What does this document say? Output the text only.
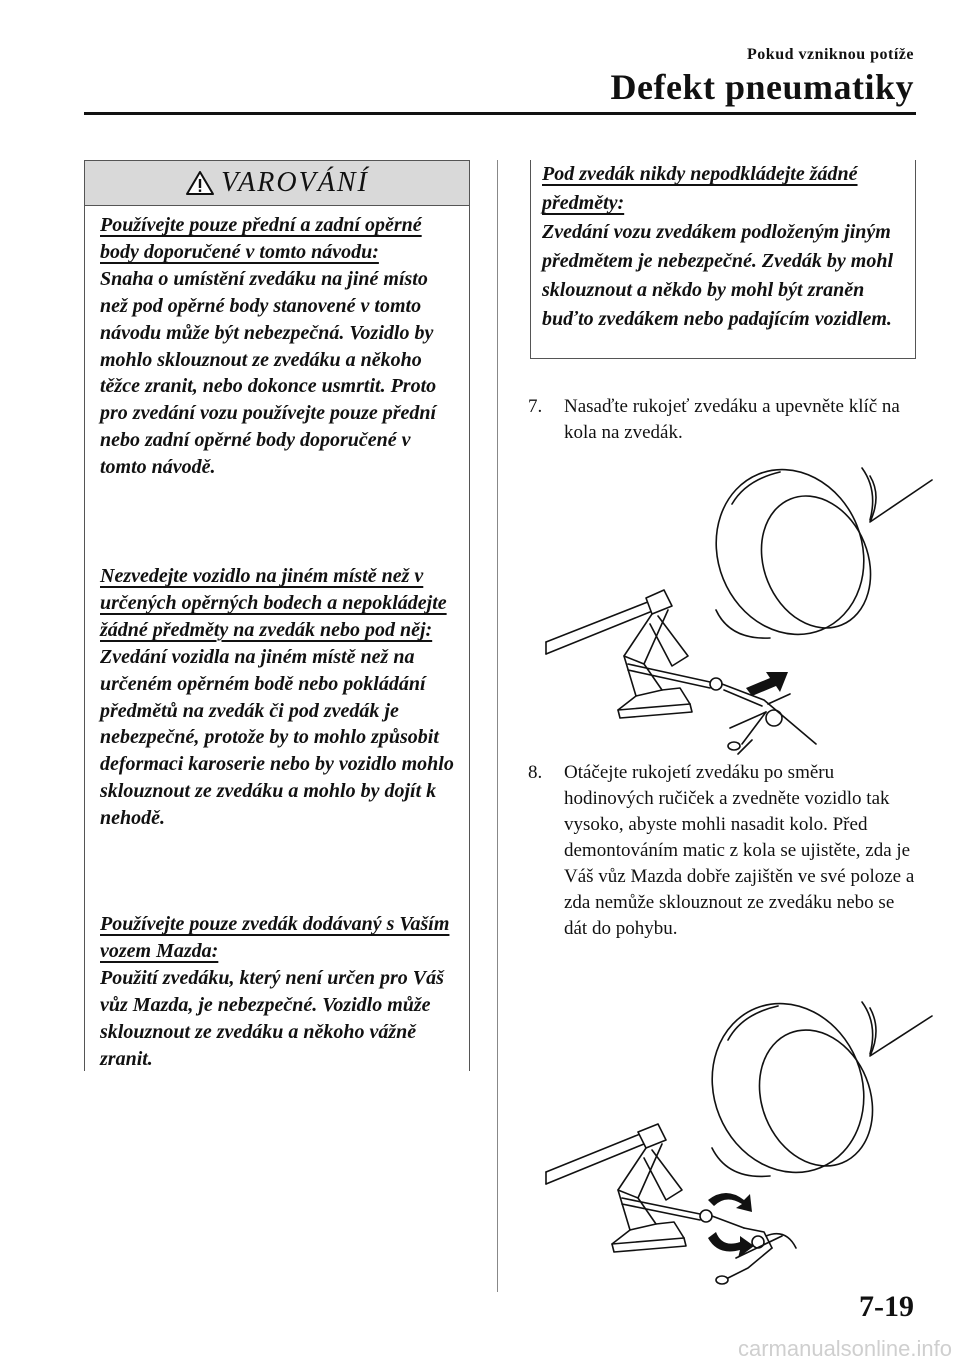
Pokud vzniknou potíže
Defekt pneumatiky
VAROVÁNÍ
Používejte pouze přední a zadní opěrné body doporučené v tomto návodu:
Snaha o umístění zvedáku na jiné místo než pod opěrné body stanovené v tomto návodu může být nebezpečná. Vozidlo by mohlo sklouznout ze zvedáku a někoho těžce zranit, nebo dokonce usmrtit. Proto pro zvedání vozu používejte pouze přední nebo zadní opěrné body doporučené v tomto návodě.
Nezvedejte vozidlo na jiném místě než v určených opěrných bodech a nepokládejte žádné předměty na zvedák nebo pod něj:
Zvedání vozidla na jiném místě než na určeném opěrném bodě nebo pokládání předmětů na zvedák či pod zvedák je nebezpečné, protože by to mohlo způsobit deformaci karoserie nebo by vozidlo mohlo sklouznout ze zvedáku a mohlo by dojít k nehodě.
Používejte pouze zvedák dodávaný s Vaším vozem Mazda:
Použití zvedáku, který není určen pro Váš vůz Mazda, je nebezpečné. Vozidlo může sklouznout ze zvedáku a někoho vážně zranit.
Pod zvedák nikdy nepodkládejte žádné předměty:
Zvedání vozu zvedákem podloženým jiným předmětem je nebezpečné. Zvedák by mohl sklouznout a někdo by mohl být zraněn buďto zvedákem nebo padajícím vozidlem.
7.	Nasaďte rukojeť zvedáku a upevněte klíč na kola na zvedák.
8.	Otáčejte rukojetí zvedáku po směru hodinových ručiček a zvedněte vozidlo tak vysoko, abyste mohli nasadit kolo. Před demontováním matic z kola se ujistěte, zda je Váš vůz Mazda dobře zajištěn ve své poloze a zda nemůže sklouznout ze zvedáku nebo se dát do pohybu.
7-19
carmanualsonline.info
